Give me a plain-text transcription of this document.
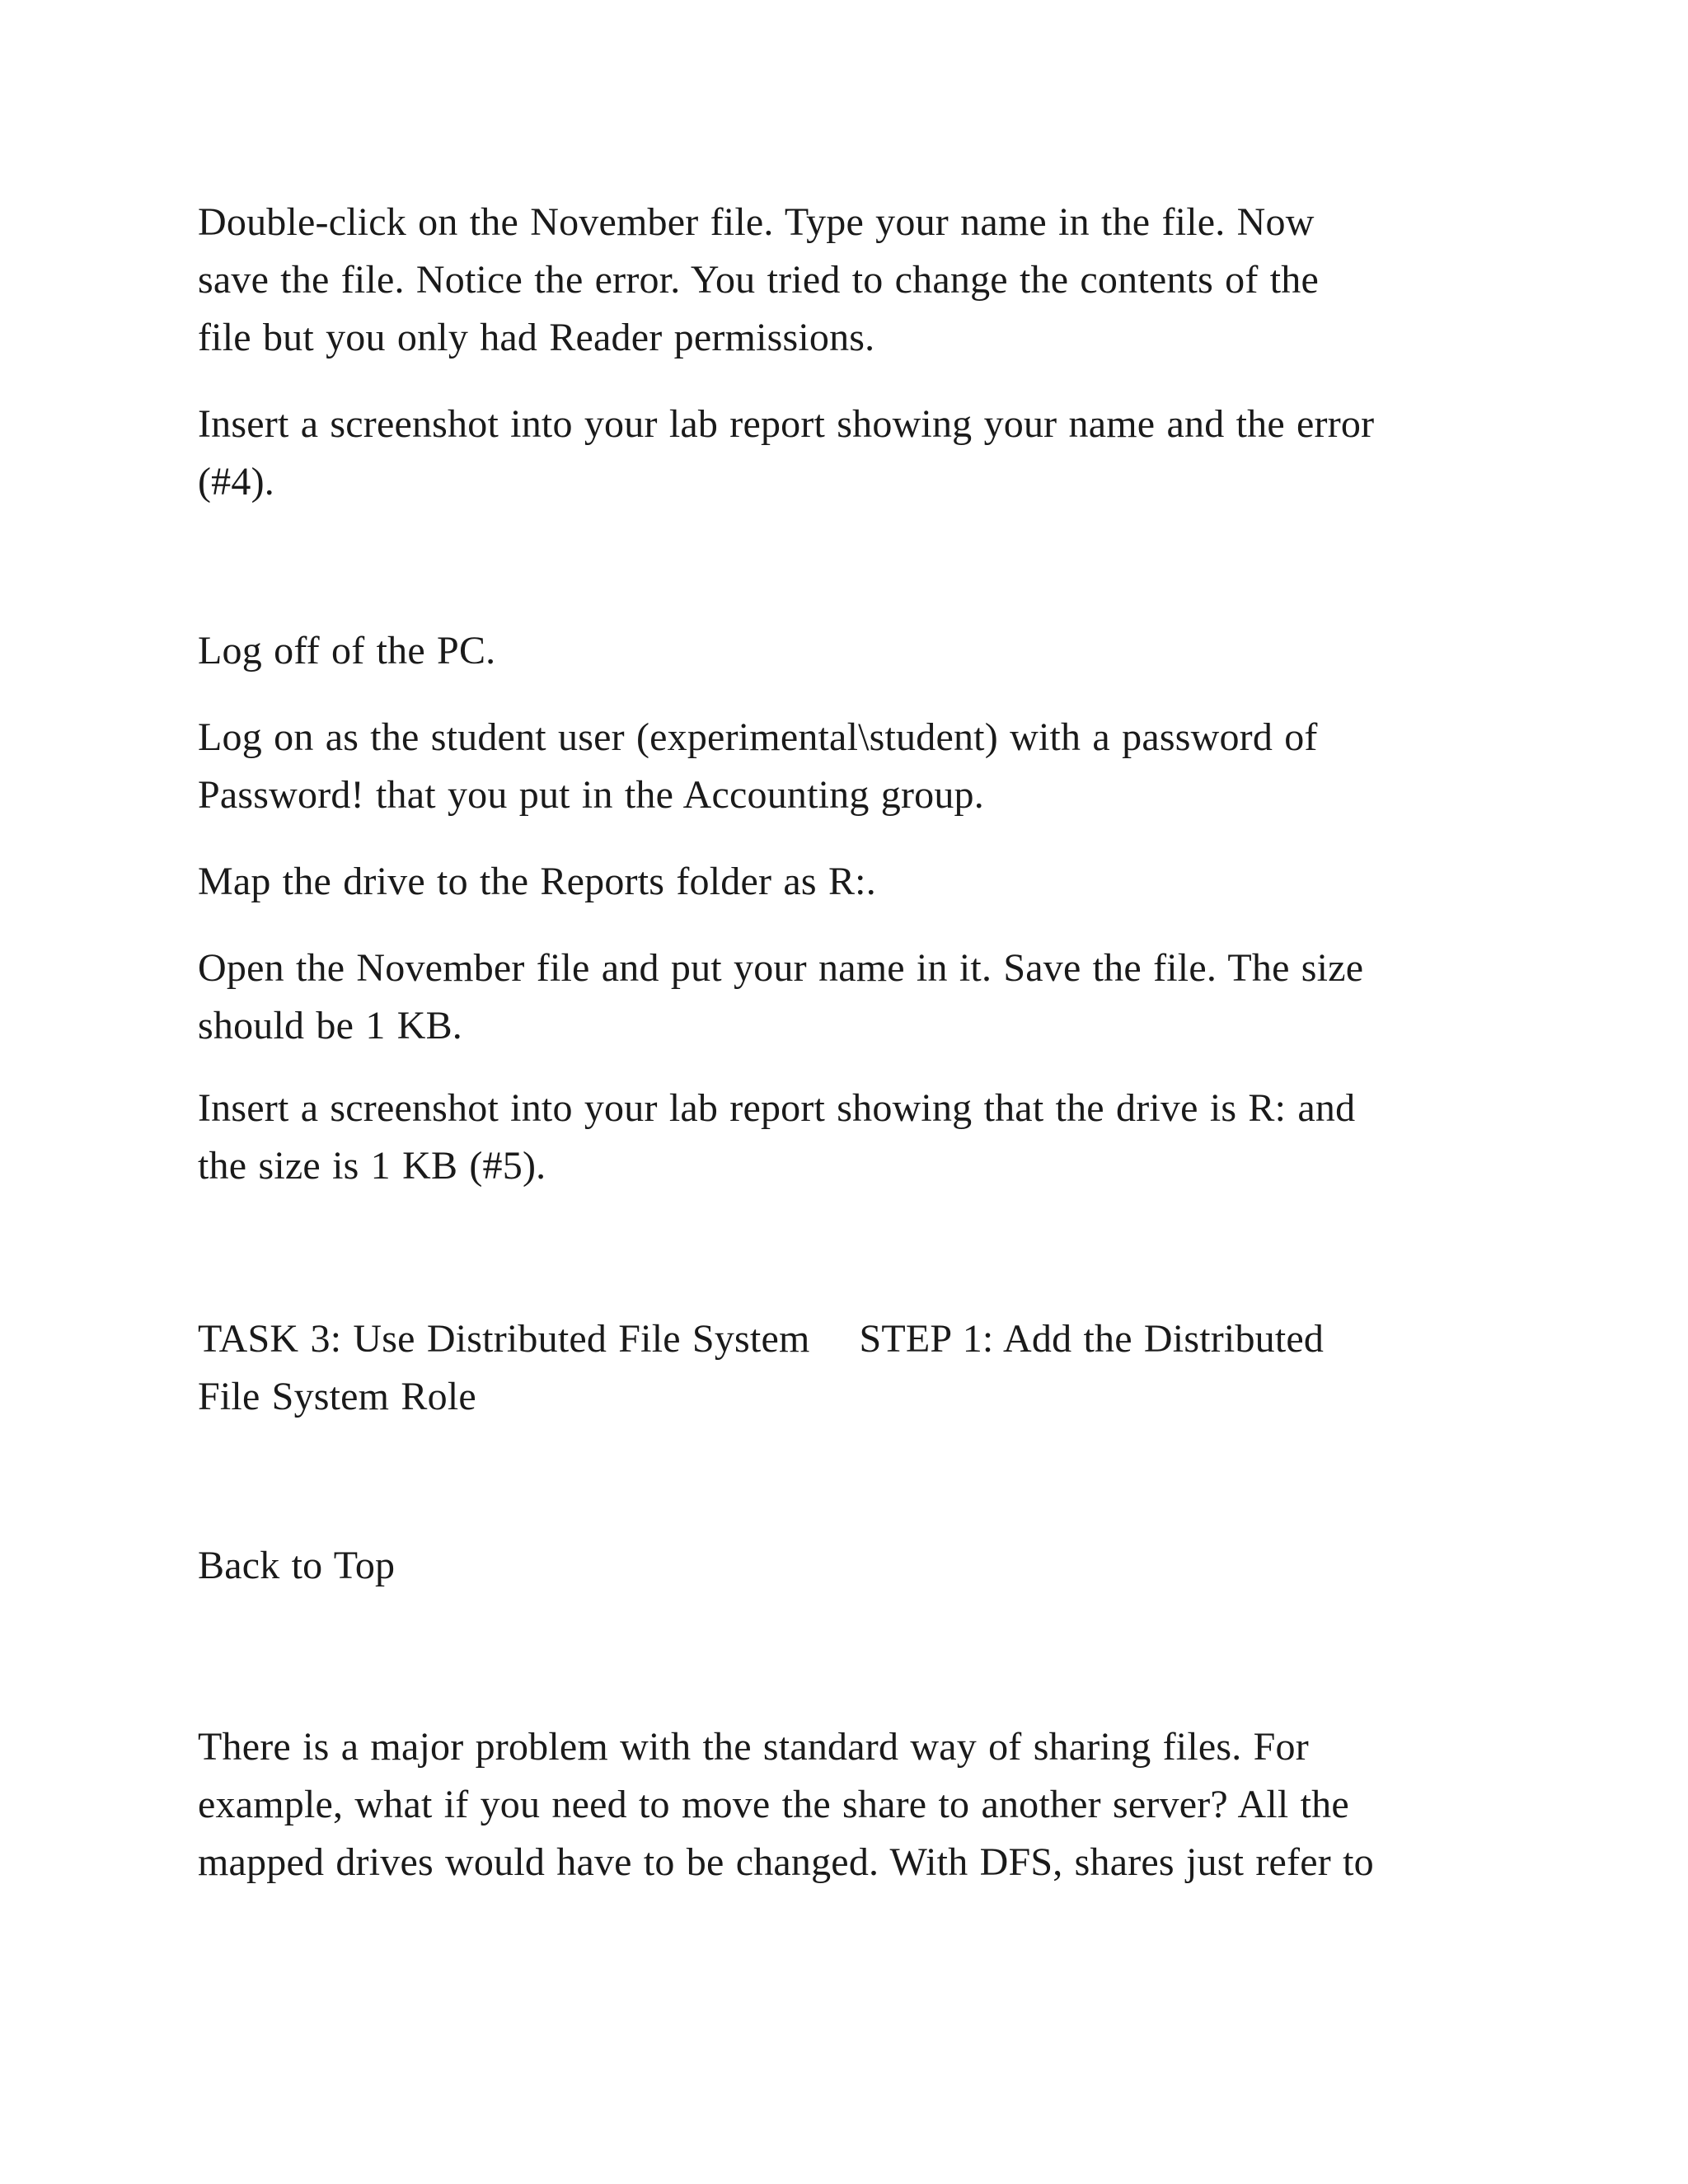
Double-click on the November file. Type your name in the file. Now
save the file. Notice the error. You tried to change the contents of the
file but you only had Reader permissions.

Insert a screenshot into your lab report showing your name and the error
(#4).

Log off of the PC.

Log on as the student user (experimental\student) with a password of
Password! that you put in the Accounting group.

Map the drive to the Reports folder as R:.

Open the November file and put your name in it. Save the file. The size
should be 1 KB.

Insert a screenshot into your lab report showing that the drive is R: and
the size is 1 KB (#5).

TASK 3: Use Distributed File System STEP 1: Add the Distributed
File System Role

Back to Top

There is a major problem with the standard way of sharing files. For
example, what if you need to move the share to another server? All the
mapped drives would have to be changed. With DFS, shares just refer to
